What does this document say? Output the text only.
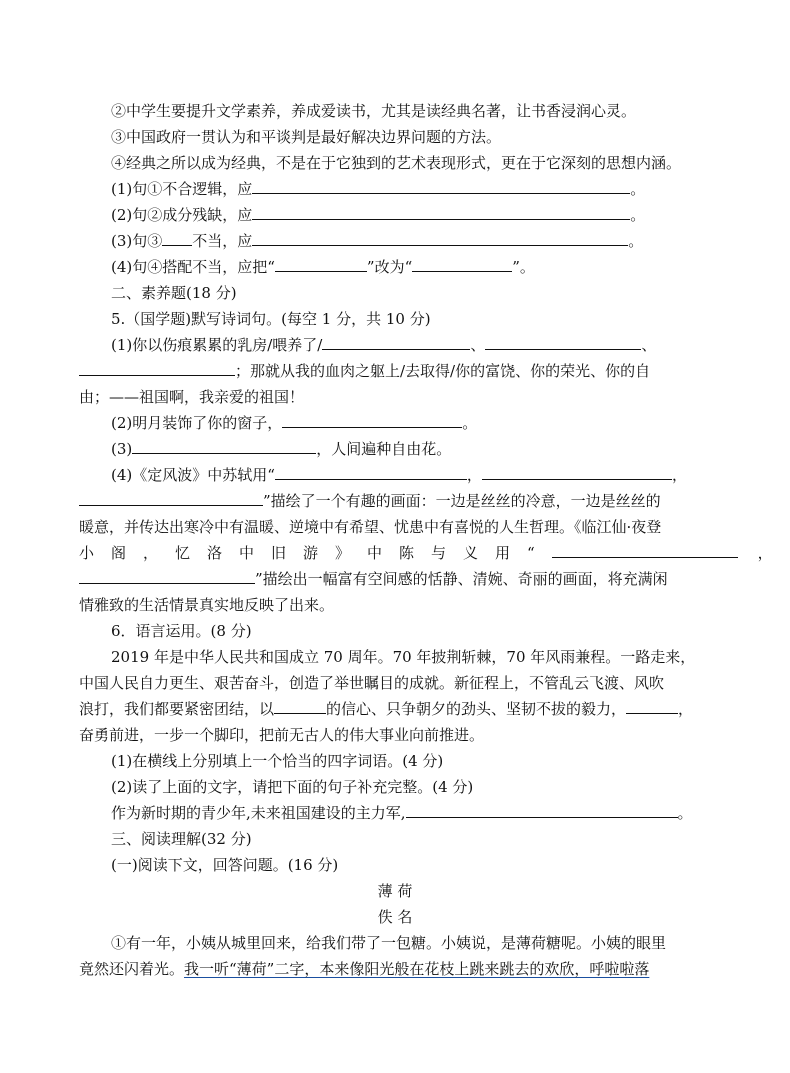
②中学生要提升文学素养，养成爱读书，尤其是读经典名著，让书香浸润心灵。
③中国政府一贯认为和平谈判是最好解决边界问题的方法。
④经典之所以成为经典，不是在于它独到的艺术表现形式，更在于它深刻的思想内涵。
(1)句①不合逻辑，应	。
(2)句②成分残缺，应	。
(3)句③ 不当，应	。
(4)句④搭配不当，应把“	”改为“	”。
二、素养题(18 分)
5.（国学题)默写诗词句。(每空 1 分，共 10 分)
(1)你以伤痕累累的乳房/喂养了/	、	、
；那就从我的血肉之躯上/去取得/你的富饶、你的荣光、你的自
由；——祖国啊，我亲爱的祖国！
(2)明月装饰了你的窗子，	。
(3)	，人间遍种自由花。
(4)《定风波》中苏轼用“	，	，
”描绘了一个有趣的画面：一边是丝丝的冷意，一边是丝丝的
暖意，并传达出寒冷中有温暖、逆境中有希望、忧患中有喜悦的人生哲理。《临江仙·夜登
小阁，忆洛中旧游》中陈与义用“	，
”描绘出一幅富有空间感的恬静、清婉、奇丽的画面，将充满闲
情雅致的生活情景真实地反映了出来。
6．语言运用。(8 分)
2019 年是中华人民共和国成立 70 周年。70 年披荆斩棘，70 年风雨兼程。一路走来，
中国人民自力更生、艰苦奋斗，创造了举世瞩目的成就。新征程上，不管乱云飞渡、风吹
浪打，我们都要紧密团结，以	的信心、只争朝夕的劲头、坚韧不拔的毅力，	，
奋勇前进，一步一个脚印，把前无古人的伟大事业向前推进。
(1)在横线上分别填上一个恰当的四字词语。(4 分)
(2)读了上面的文字，请把下面的句子补充完整。(4 分)
作为新时期的青少年,未来祖国建设的主力军,	。
三、阅读理解(32 分)
(一)阅读下文，回答问题。(16 分)
薄 荷
佚 名
①有一年，小姨从城里回来，给我们带了一包糖。小姨说，是薄荷糖呢。小姨的眼里
竟然还闪着光。我一听“薄荷”二字，本来像阳光般在花枝上跳来跳去的欢欣，呼啦啦落
